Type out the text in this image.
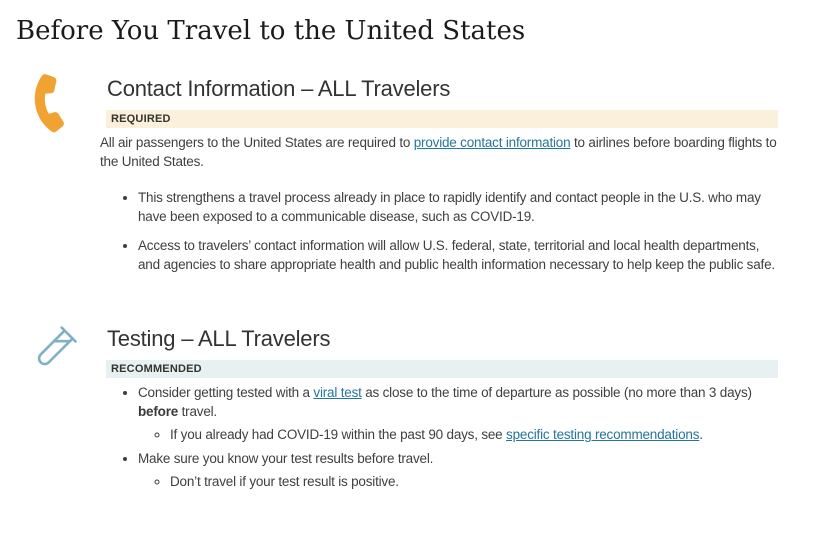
Before You Travel to the United States
Contact Information – ALL Travelers
REQUIRED

All air passengers to the United States are required to provide contact information to airlines before boarding flights to the United States.

• This strengthens a travel process already in place to rapidly identify and contact people in the U.S. who may have been exposed to a communicable disease, such as COVID-19.
• Access to travelers’ contact information will allow U.S. federal, state, territorial and local health departments, and agencies to share appropriate health and public health information necessary to help keep the public safe.
Testing – ALL Travelers
RECOMMENDED
• Consider getting tested with a viral test as close to the time of departure as possible (no more than 3 days) before travel.
◦ If you already had COVID-19 within the past 90 days, see specific testing recommendations.
• Make sure you know your test results before travel.
◦ Don’t travel if your test result is positive.
